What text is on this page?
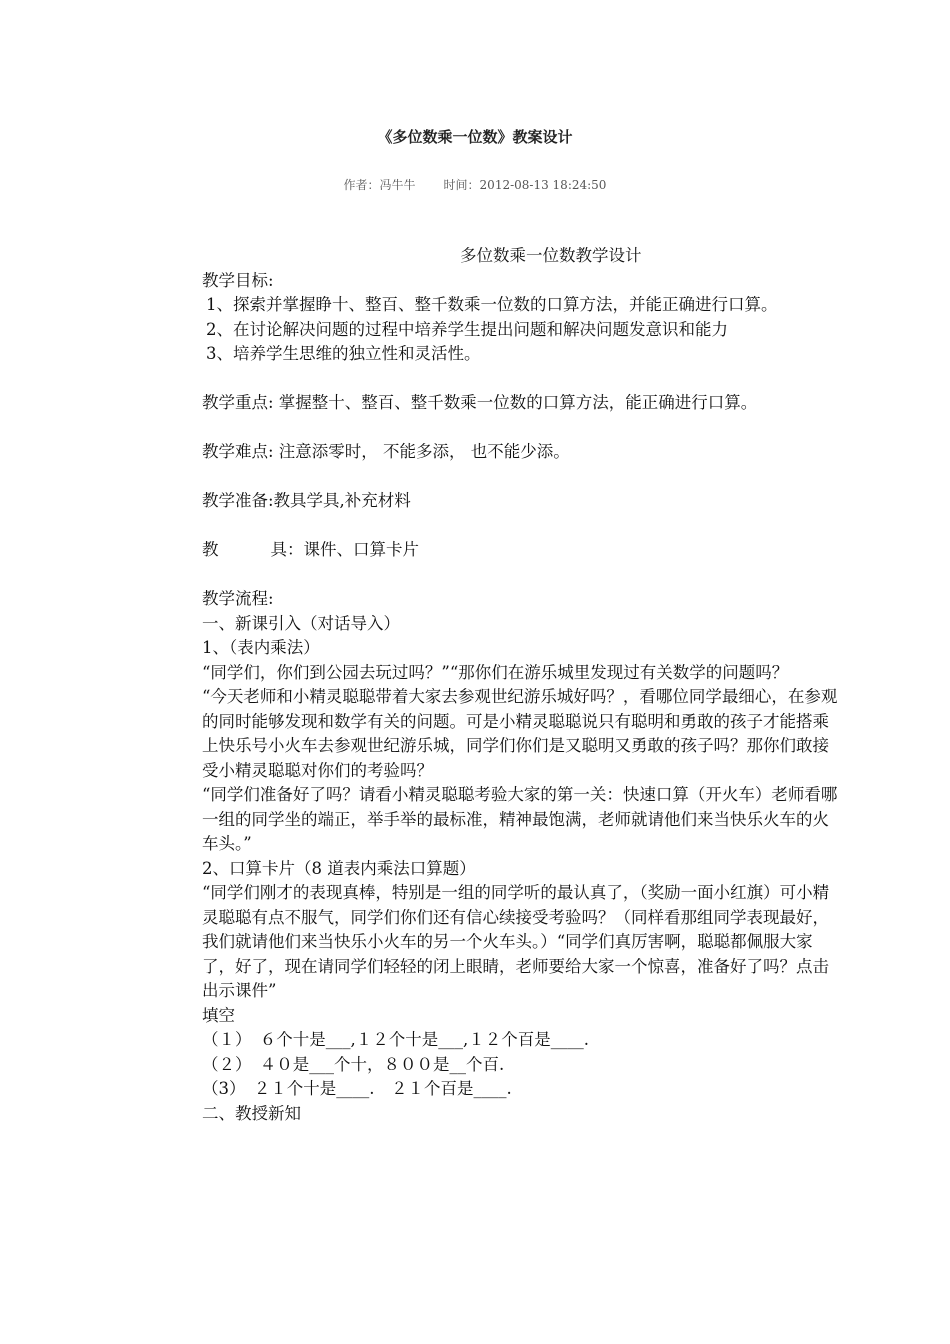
《多位数乘一位数》教案设计
作者：冯牛牛 时间：2012-08-13 18:24:50
多位数乘一位数教学设计
教学目标:
1、探索并掌握睁十、整百、整千数乘一位数的口算方法，并能正确进行口算。
2、在讨论解决问题的过程中培养学生提出问题和解决问题发意识和能力
3、培养学生思维的独立性和灵活性。
教学重点: 掌握整十、整百、整千数乘一位数的口算方法，能正确进行口算。
教学难点: 注意添零时， 不能多添， 也不能少添。
教学准备:教具学具,补充材料
教	具：课件、口算卡片
教学流程:
一、新课引入（对话导入）
1、（表内乘法）
“同学们，你们到公园去玩过吗？”“那你们在游乐城里发现过有关数学的问题吗？
“今天老师和小精灵聪聪带着大家去参观世纪游乐城好吗？，看哪位同学最细心，在参观的同时能够发现和数学有关的问题。可是小精灵聪聪说只有聪明和勇敢的孩子才能搭乘上快乐号小火车去参观世纪游乐城，同学们你们是又聪明又勇敢的孩子吗？那你们敢接受小精灵聪聪对你们的考验吗？
“同学们准备好了吗？请看小精灵聪聪考验大家的第一关：快速口算（开火车）老师看哪一组的同学坐的端正，举手举的最标准，精神最饱满，老师就请他们来当快乐火车的火车头。”
2、口算卡片（8 道表内乘法口算题）
“同学们刚才的表现真棒，特别是一组的同学听的最认真了，（奖励一面小红旗）可小精灵聪聪有点不服气，同学们你们还有信心续接受考验吗？（同样看那组同学表现最好，我们就请他们来当快乐小火车的另一个火车头。）“同学们真厉害啊，聪聪都佩服大家了，好了，现在请同学们轻轻的闭上眼睛，老师要给大家一个惊喜，准备好了吗？点击出示课件”
填空
（１）　６个十是___,１２个十是___,１２个百是____.
（２）　４０是___个十，８００是__个百.
（3）　２１个十是____.　２１个百是____.
二、教授新知
